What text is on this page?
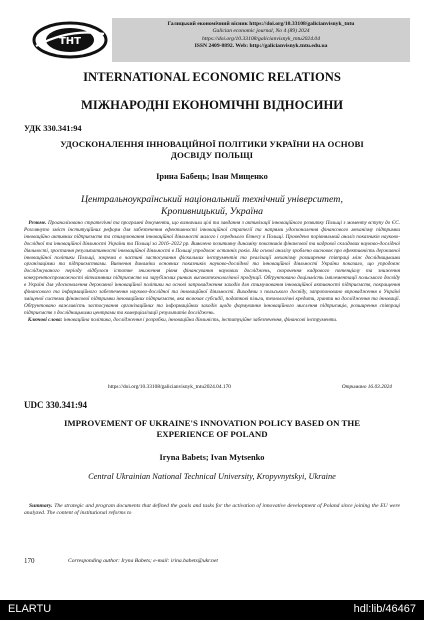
ТНТ
Галицький економічний вісник https://doi.org/10.33108/galicianvisnyk_tntu
Galician economic journal, No 4 (89) 2024
https://doi.org/10.33108/galicianvisnyk_tntu2024.04
ISSN 2409-8892. Web: http://galicianvisnyk.tntu.edu.ua
INTERNATIONAL ECONOMIC RELATIONS
МІЖНАРОДНІ ЕКОНОМІЧНІ ВІДНОСИНИ
УДК 330.341:94
УДОСКОНАЛЕННЯ ІННОВАЦІЙНОЇ ПОЛІТИКИ УКРАЇНИ НА ОСНОВІ ДОСВІДУ ПОЛЬЩІ
Ірина Бабець; Іван Мищенко
Центральноукраїнський національний технічний університет, Кропивницький, Україна
Резюме. Проаналізовано стратегічні та програмні документи, що визначили цілі та завдання з активізації інноваційного розвитку Польщі з моменту вступу до ЄС. Розглянуто зміст інституційних реформ для забезпечення ефективності інноваційної стратегії та напрями удосконалення фінансового механізму підтримки інноваційно активних підприємств та стимулювання інноваційної діяльності малого і середнього бізнесу в Польщі. Проведено порівняльний аналіз показників науково-дослідної та інноваційної діяльності України та Польщі за 2016–2022 рр. Виявлено позитивну динаміку показників фінансової та кадрової складових науково-дослідної діяльності, зростання результативності інноваційної діяльності в Польщі упродовж останніх років. На основі аналізу зроблено висновок про ефективність державної інноваційної політики Польщі, зокрема в частині застосування фіскальних інструментів та реалізації механізму розширення співпраці між дослідницькими організаціями та підприємствами. Вивчення динаміки основних показників науково-дослідної та інноваційної діяльності України показало, що упродовж досліджуваного періоду відбулося істотне зниження рівня фінансування наукових досліджень, скорочення кадрового потенціалу та зниження конкурентоспроможності вітчизняних підприємств на зарубіжних ринках високотехнологічної продукції. Обґрунтовано доцільність імплементації польського досвіду в Україні для удосконалення державної інноваційної політики на основі запровадження заходів для стимулювання інноваційної активності підприємств, покращення фінансового та інформаційного забезпечення науково-дослідної та інноваційної діяльності. Виходячи з польського досвіду, запропоновано впровадження в Україні зміщеної системи фінансової підтримки інноваційних підприємств, яка включає субсидії, податкові пільги, технологічні кредити, гранти на дослідження та інновації. Обґрунтовано важливість застосування організаційних та інформаційних заходів щодо формування інноваційного мислення підприємців, розширення співпраці підприємств з дослідницькими центрами та комерціалізації результатів досліджень.
Ключові слова: інноваційна політика, дослідження і розробки, інноваційна діяльність, інституційне забезпечення, фінансові інструменти.
https://doi.org/10.33108/galicianvisnyk_tntu2024.04.170	Отримано 16.03.2024
UDC 330.341:94
IMPROVEMENT OF UKRAINE'S INNOVATION POLICY BASED ON THE EXPERIENCE OF POLAND
Iryna Babets; Ivan Mytsenko
Central Ukrainian National Technical University, Kropyvnytskyi, Ukraine
Summary. The strategic and program documents that defined the goals and tasks for the activation of innovative development of Poland since joining the EU were analyzed. The content of institutional reforms to
170	Corresponding author: Iryna Babets; e-mail: irina.babets@ukr.net
ELARTU	hdl:lib/46467
